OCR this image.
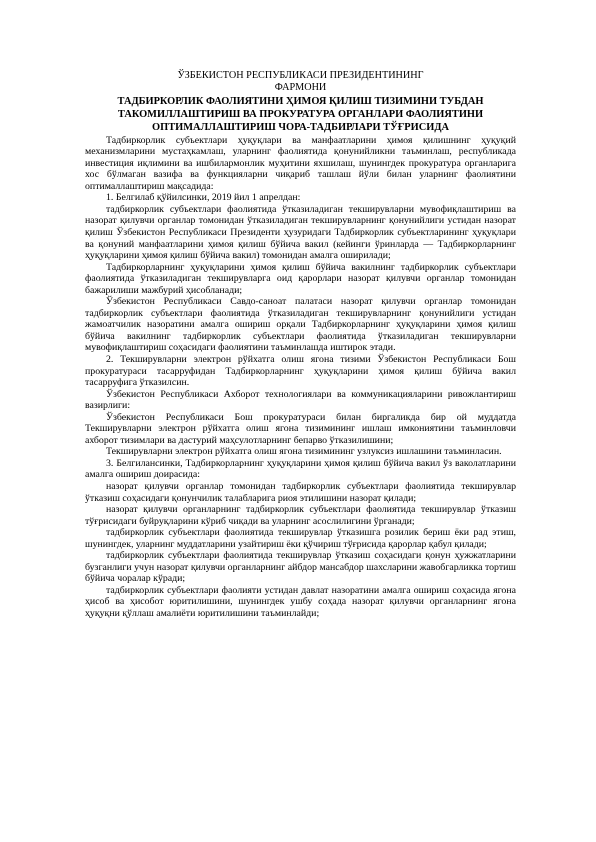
ЎЗБЕКИСТОН РЕСПУБЛИКАСИ ПРЕЗИДЕНТИНИНГ

ФАРМОНИ

ТАДБИРКОРЛИК ФАОЛИЯТИНИ ҲИМОЯ ҚИЛИШ ТИЗИМИНИ ТУБДАН

ТАКОМИЛЛАШТИРИШ ВА ПРОКУРАТУРА ОРГАНЛАРИ ФАОЛИЯТИНИ

ОПТИМАЛЛАШТИРИШ ЧОРА-ТАДБИРЛАРИ ТЎҒРИСИДА

Тадбиркорлик субъектлари ҳуқуқлари ва манфаатларини ҳимоя қилишнинг ҳуқуқий механизмларини мустаҳкамлаш, уларнинг фаолиятида қонунийликни таъминлаш, республикада инвестиция иқлимини ва ишбилармонлик муҳитини яхшилаш, шунингдек прокуратура органларига хос бўлмаган вазифа ва функцияларни чиқариб ташлаш йўли билан уларнинг фаолиятини оптималлаштириш мақсадида:

1. Белгилаб қўйилсинки, 2019 йил 1 апрелдан:

тадбиркорлик субъектлари фаолиятида ўтказиладиган текширувларни мувофиқлаштириш ва назорат қилувчи органлар томонидан ўтказиладиган текширувларнинг қонунийлиги устидан назорат қилиш Ўзбекистон Республикаси Президенти ҳузуридаги Тадбиркорлик субъектларининг ҳуқуқлари ва қонуний манфаатларини ҳимоя қилиш бўйича вакил (кейинги ўринларда — Тадбиркорларнинг ҳуқуқларини ҳимоя қилиш бўйича вакил) томонидан амалга оширилади;

Тадбиркорларнинг ҳуқуқларини ҳимоя қилиш бўйича вакилнинг тадбиркорлик субъектлари фаолиятида ўтказиладиган текширувларга оид қарорлари назорат қилувчи органлар томонидан бажарилиши мажбурий ҳисобланади;

Ўзбекистон Республикаси Савдо-саноат палатаси назорат қилувчи органлар томонидан тадбиркорлик субъектлари фаолиятида ўтказиладиган текширувларнинг қонунийлиги устидан жамоатчилик назоратини амалга ошириш орқали Тадбиркорларнинг ҳуқуқларини ҳимоя қилиш бўйича вакилнинг тадбиркорлик субъектлари фаолиятида ўтказиладиган текширувларни мувофиқлаштириш соҳасидаги фаолиятини таъминлашда иштирок этади.

2. Текширувларни электрон рўйхатга олиш ягона тизими Ўзбекистон Республикаси Бош прокуратураси тасарруфидан Тадбиркорларнинг ҳуқуқларини ҳимоя қилиш бўйича вакил тасарруфига ўтказилсин.

Ўзбекистон Республикаси Ахборот технологиялари ва коммуникацияларини ривожлантириш вазирлиги:

Ўзбекистон Республикаси Бош прокуратураси билан биргаликда бир ой муддатда Текширувларни электрон рўйхатга олиш ягона тизимининг ишлаш имкониятини таъминловчи ахборот тизимлари ва дастурий маҳсулотларнинг бепарво ўтказилишини;

Текширувларни электрон рўйхатга олиш ягона тизимининг узлуксиз ишлашини таъминласин.

3. Белгилансинки, Тадбиркорларнинг ҳуқуқларини ҳимоя қилиш бўйича вакил ўз ваколатларини амалга ошириш доирасида:

назорат қилувчи органлар томонидан тадбиркорлик субъектлари фаолиятида текширувлар ўтказиш соҳасидаги қонунчилик талабларига риоя этилишини назорат қилади;

назорат қилувчи органларнинг тадбиркорлик субъектлари фаолиятида текширувлар ўтказиш тўғрисидаги буйруқларини кўриб чиқади ва уларнинг асослилигини ўрганади;

тадбиркорлик субъектлари фаолиятида текширувлар ўтказишга розилик бериш ёки рад этиш, шунингдек, уларнинг муддатларини узайтириш ёки қўчириш тўғрисида қарорлар қабул қилади;

тадбиркорлик субъектлари фаолиятида текширувлар ўтказиш соҳасидаги қонун ҳужжатларини бузганлиги учун назорат қилувчи органларнинг айбдор мансабдор шахсларини жавобгарликка тортиш бўйича чоралар кўради;

тадбиркорлик субъектлари фаолияти устидан давлат назоратини амалга ошириш соҳасида ягона ҳисоб ва ҳисобот юритилишини, шунингдек ушбу соҳада назорат қилувчи органларнинг ягона ҳуқуқни қўллаш амалиёти юритилишини таъминлайди;
